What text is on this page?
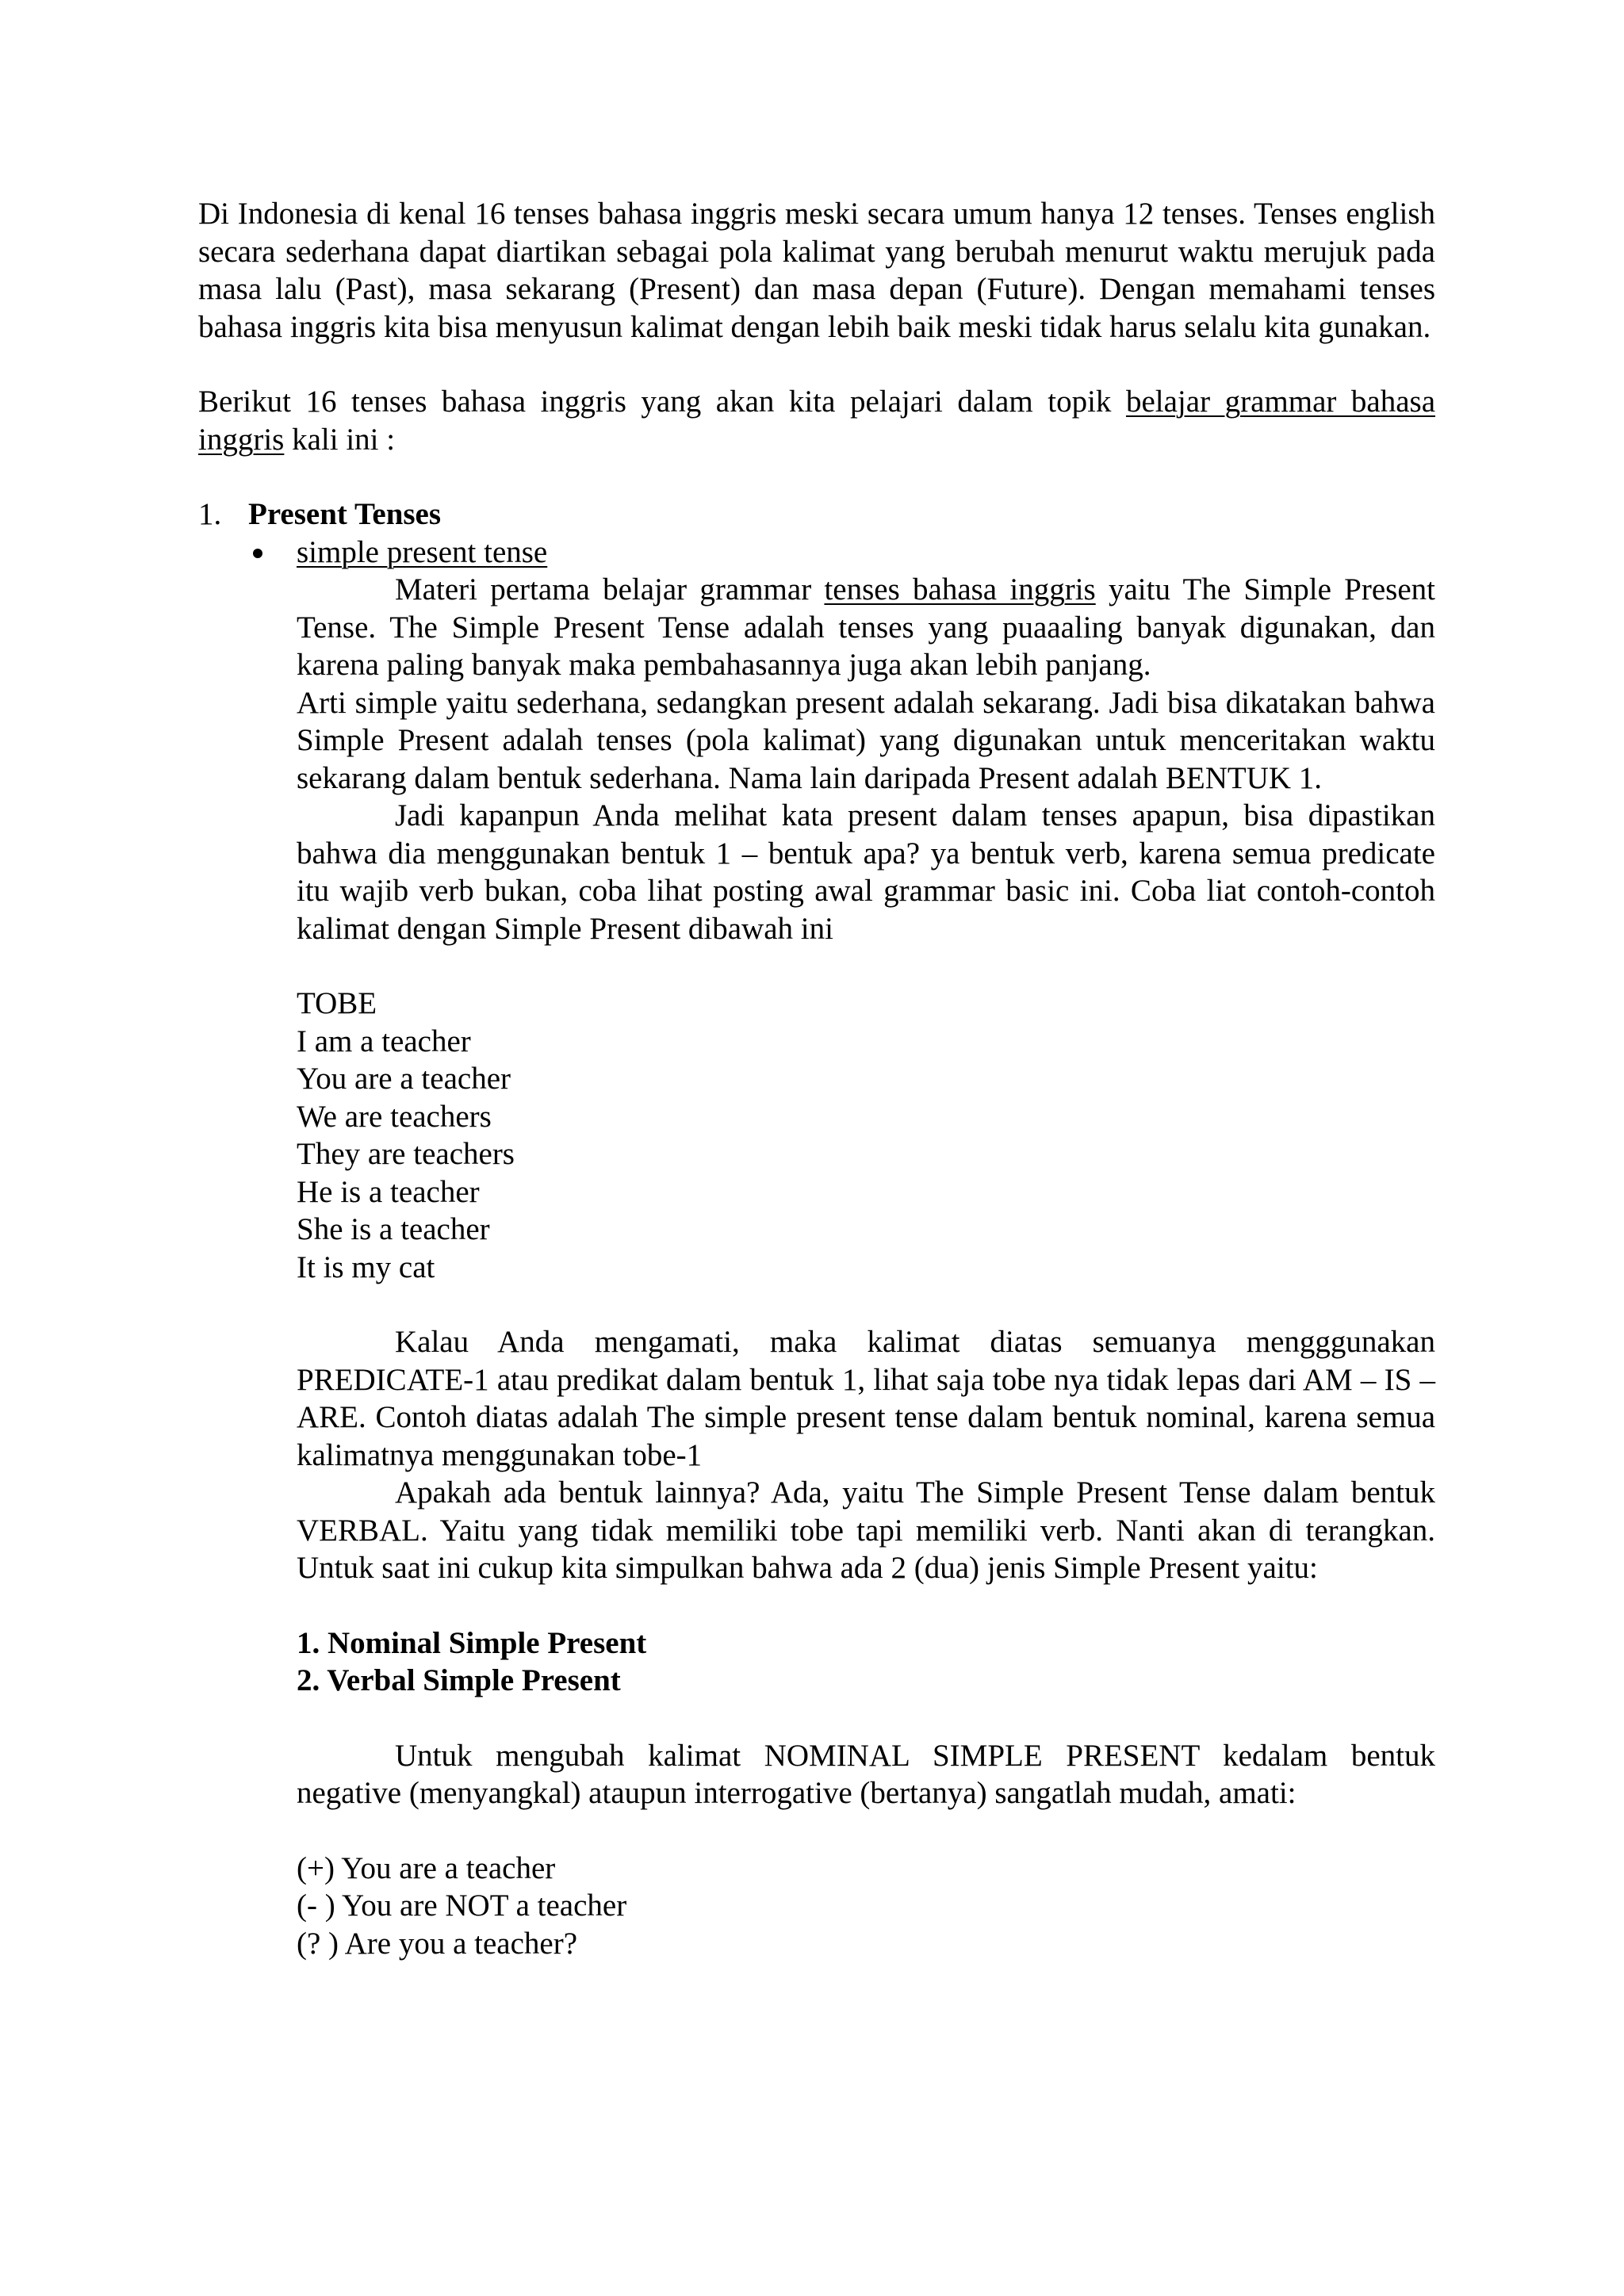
Di Indonesia di kenal 16 tenses bahasa inggris meski secara umum hanya 12 tenses. Tenses english secara sederhana dapat diartikan sebagai pola kalimat yang berubah menurut waktu merujuk pada masa lalu (Past), masa sekarang (Present) dan masa depan (Future). Dengan memahami tenses bahasa inggris kita bisa menyusun kalimat dengan lebih baik meski tidak harus selalu kita gunakan.

Berikut 16 tenses bahasa inggris yang akan kita pelajari dalam topik belajar grammar bahasa inggris kali ini :

1. Present Tenses
simple present tense

Materi pertama belajar grammar tenses bahasa inggris yaitu The Simple Present Tense. The Simple Present Tense adalah tenses yang puaaaling banyak digunakan, dan karena paling banyak maka pembahasannya juga akan lebih panjang.

Arti simple yaitu sederhana, sedangkan present adalah sekarang. Jadi bisa dikatakan bahwa Simple Present adalah tenses (pola kalimat) yang digunakan untuk menceritakan waktu sekarang dalam bentuk sederhana. Nama lain daripada Present adalah BENTUK 1.

Jadi kapanpun Anda melihat kata present dalam tenses apapun, bisa dipastikan bahwa dia menggunakan bentuk 1 – bentuk apa? ya bentuk verb, karena semua predicate itu wajib verb bukan, coba lihat posting awal grammar basic ini. Coba liat contoh-contoh kalimat dengan Simple Present dibawah ini

TOBE

I am a teacher

You are a teacher

We are teachers

They are teachers

He is a teacher

She is a teacher

It is my cat

Kalau Anda mengamati, maka kalimat diatas semuanya mengggunakan PREDICATE-1 atau predikat dalam bentuk 1, lihat saja tobe nya tidak lepas dari AM – IS – ARE. Contoh diatas adalah The simple present tense dalam bentuk nominal, karena semua kalimatnya menggunakan tobe-1

Apakah ada bentuk lainnya? Ada, yaitu The Simple Present Tense dalam bentuk VERBAL. Yaitu yang tidak memiliki tobe tapi memiliki verb. Nanti akan di terangkan. Untuk saat ini cukup kita simpulkan bahwa ada 2 (dua) jenis Simple Present yaitu:

1. Nominal Simple Present

2. Verbal Simple Present

Untuk mengubah kalimat NOMINAL SIMPLE PRESENT kedalam bentuk negative (menyangkal) ataupun interrogative (bertanya) sangatlah mudah, amati:

(+) You are a teacher

(- ) You are NOT a teacher

(? ) Are you a teacher?
